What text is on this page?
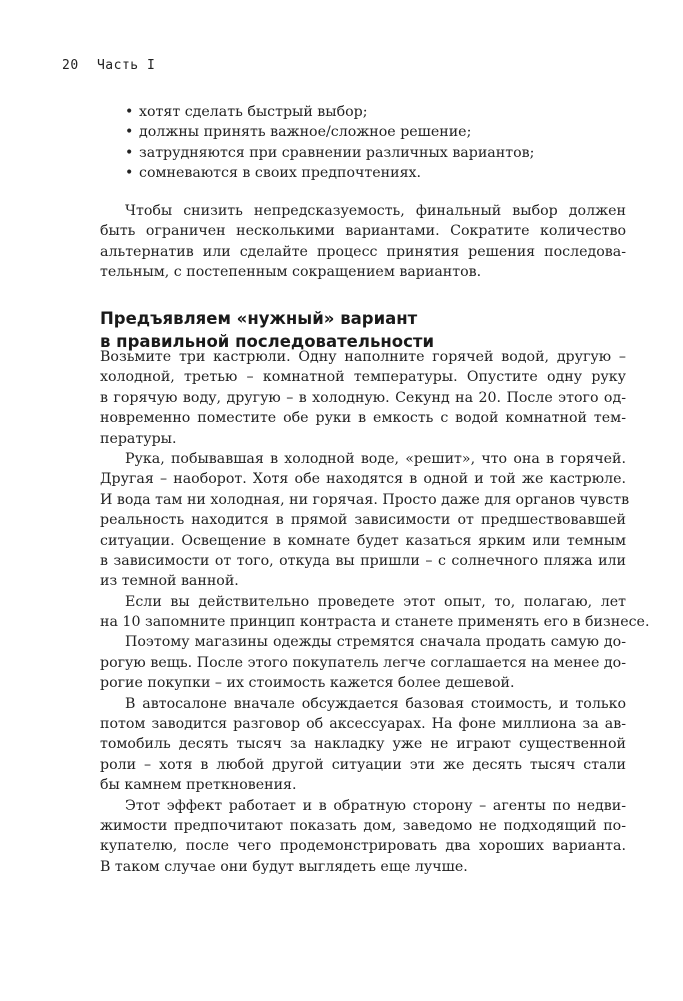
20 Часть I
• хотят сделать быстрый выбор;
• должны принять важное/сложное решение;
• затрудняются при сравнении различных вариантов;
• сомневаются в своих предпочтениях.
Чтобы снизить непредсказуемость, финальный выбор должен
быть ограничен несколькими вариантами. Сократите количество
альтернатив или сделайте процесс принятия решения последова-
тельным, с постепенным сокращением вариантов.
Предъявляем «нужный» вариант
в правильной последовательности
Возьмите три кастрюли. Одну наполните горячей водой, другую –
холодной, третью – комнатной температуры. Опустите одну руку
в горячую воду, другую – в холодную. Секунд на 20. После этого од-
новременно поместите обе руки в емкость с водой комнатной тем-
пературы.
Рука, побывавшая в холодной воде, «решит», что она в горячей.
Другая – наоборот. Хотя обе находятся в одной и той же кастрюле.
И вода там ни холодная, ни горячая. Просто даже для органов чувств
реальность находится в прямой зависимости от предшествовавшей
ситуации. Освещение в комнате будет казаться ярким или темным
в зависимости от того, откуда вы пришли – с солнечного пляжа или
из темной ванной.
Если вы действительно проведете этот опыт, то, полагаю, лет
на 10 запомните принцип контраста и станете применять его в бизнесе.
Поэтому магазины одежды стремятся сначала продать самую до-
рогую вещь. После этого покупатель легче соглашается на менее до-
рогие покупки – их стоимость кажется более дешевой.
В автосалоне вначале обсуждается базовая стоимость, и только
потом заводится разговор об аксессуарах. На фоне миллиона за ав-
томобиль десять тысяч за накладку уже не играют существенной
роли – хотя в любой другой ситуации эти же десять тысяч стали
бы камнем преткновения.
Этот эффект работает и в обратную сторону – агенты по недви-
жимости предпочитают показать дом, заведомо не подходящий по-
купателю, после чего продемонстрировать два хороших варианта.
В таком случае они будут выглядеть еще лучше.
